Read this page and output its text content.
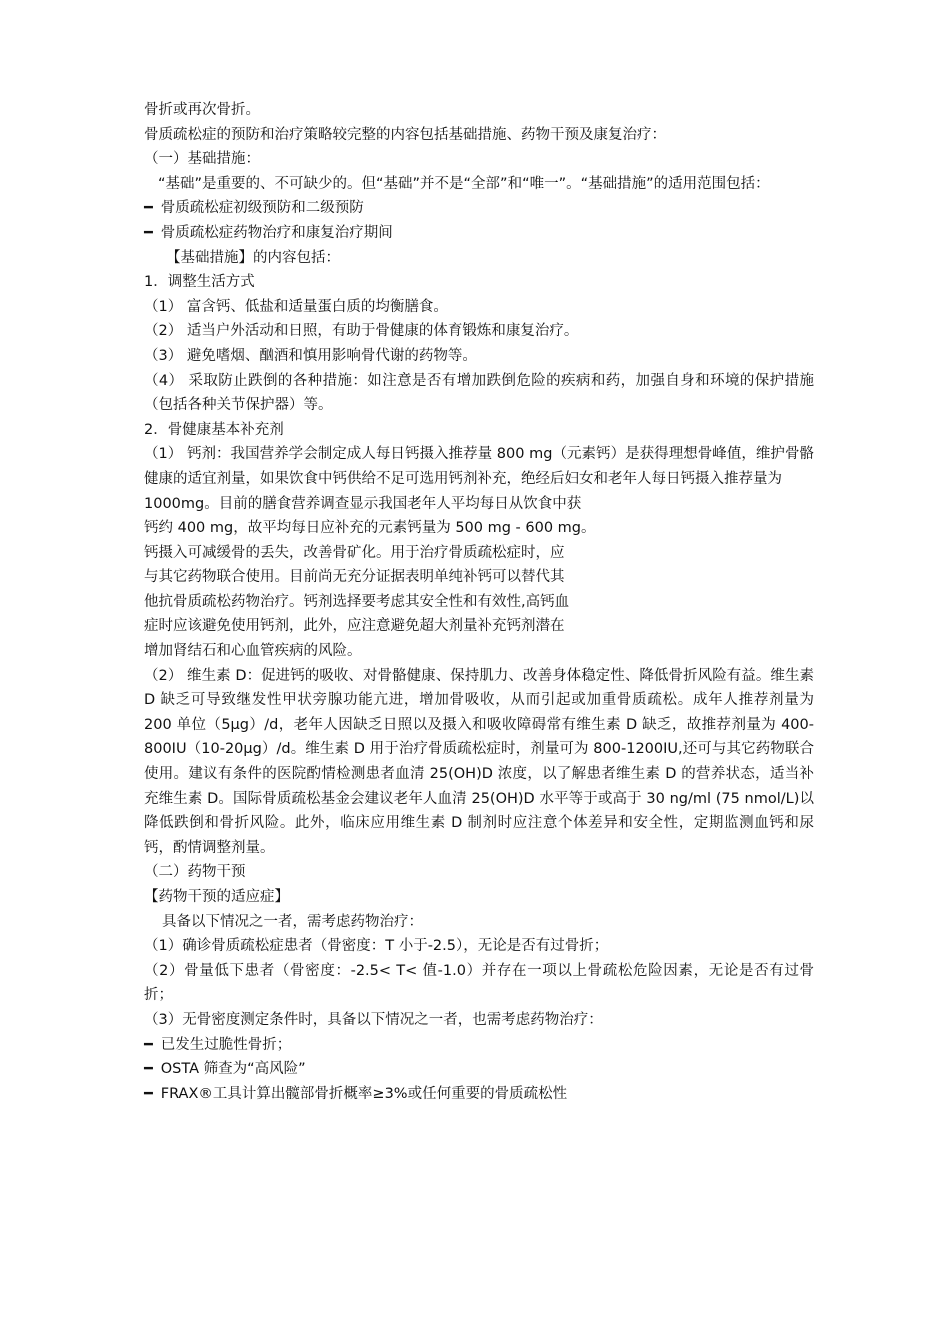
骨折或再次骨折。

骨质疏松症的预防和治疗策略较完整的内容包括基础措施、药物干预及康复治疗：

（一）基础措施：

“基础”是重要的、不可缺少的。但“基础”并不是“全部”和“唯一”。“基础措施”的适用范围包括：

━ 骨质疏松症初级预防和二级预防

━ 骨质疏松症药物治疗和康复治疗期间

【基础措施】的内容包括：

1．调整生活方式

（1） 富含钙、低盐和适量蛋白质的均衡膳食。

（2） 适当户外活动和日照，有助于骨健康的体育锻炼和康复治疗。

（3） 避免嗜烟、酗酒和慎用影响骨代谢的药物等。

（4） 采取防止跌倒的各种措施：如注意是否有增加跌倒危险的疾病和药，加强自身和环境的保护措施（包括各种关节保护器）等。

2．骨健康基本补充剂

（1） 钙剂：我国营养学会制定成人每日钙摄入推荐量 800 mg（元素钙）是获得理想骨峰值，维护骨骼健康的适宜剂量，如果饮食中钙供给不足可选用钙剂补充，绝经后妇女和老年人每日钙摄入推荐量为

1000mg。目前的膳食营养调查显示我国老年人平均每日从饮食中获

钙约 400 mg，故平均每日应补充的元素钙量为 500 mg - 600 mg。

钙摄入可减缓骨的丢失，改善骨矿化。用于治疗骨质疏松症时，应

与其它药物联合使用。目前尚无充分证据表明单纯补钙可以替代其

他抗骨质疏松药物治疗。钙剂选择要考虑其安全性和有效性,高钙血

症时应该避免使用钙剂，此外，应注意避免超大剂量补充钙剂潜在

增加肾结石和心血管疾病的风险。

（2） 维生素 D：促进钙的吸收、对骨骼健康、保持肌力、改善身体稳定性、降低骨折风险有益。维生素 D 缺乏可导致继发性甲状旁腺功能亢进，增加骨吸收，从而引起或加重骨质疏松。成年人推荐剂量为 200 单位（5μg）/d，老年人因缺乏日照以及摄入和吸收障碍常有维生素 D 缺乏，故推荐剂量为 400-800IU（10-20μg）/d。维生素 D 用于治疗骨质疏松症时，剂量可为 800-1200IU,还可与其它药物联合使用。建议有条件的医院酌情检测患者血清 25(OH)D 浓度，以了解患者维生素 D 的营养状态，适当补充维生素 D。国际骨质疏松基金会建议老年人血清 25(OH)D 水平等于或高于 30 ng/ml (75 nmol/L)以降低跌倒和骨折风险。此外，临床应用维生素 D 制剂时应注意个体差异和安全性，定期监测血钙和尿钙，酌情调整剂量。

（二）药物干预

【药物干预的适应症】

具备以下情况之一者，需考虑药物治疗：

（1）确诊骨质疏松症患者（骨密度：T 小于-2.5），无论是否有过骨折；

（2）骨量低下患者（骨密度：-2.5< T< 值-1.0）并存在一项以上骨疏松危险因素，无论是否有过骨折；

（3）无骨密度测定条件时，具备以下情况之一者，也需考虑药物治疗：

━ 已发生过脆性骨折；

━ OSTA 筛查为“高风险”

━ FRAX®工具计算出髋部骨折概率≥3%或任何重要的骨质疏松性
